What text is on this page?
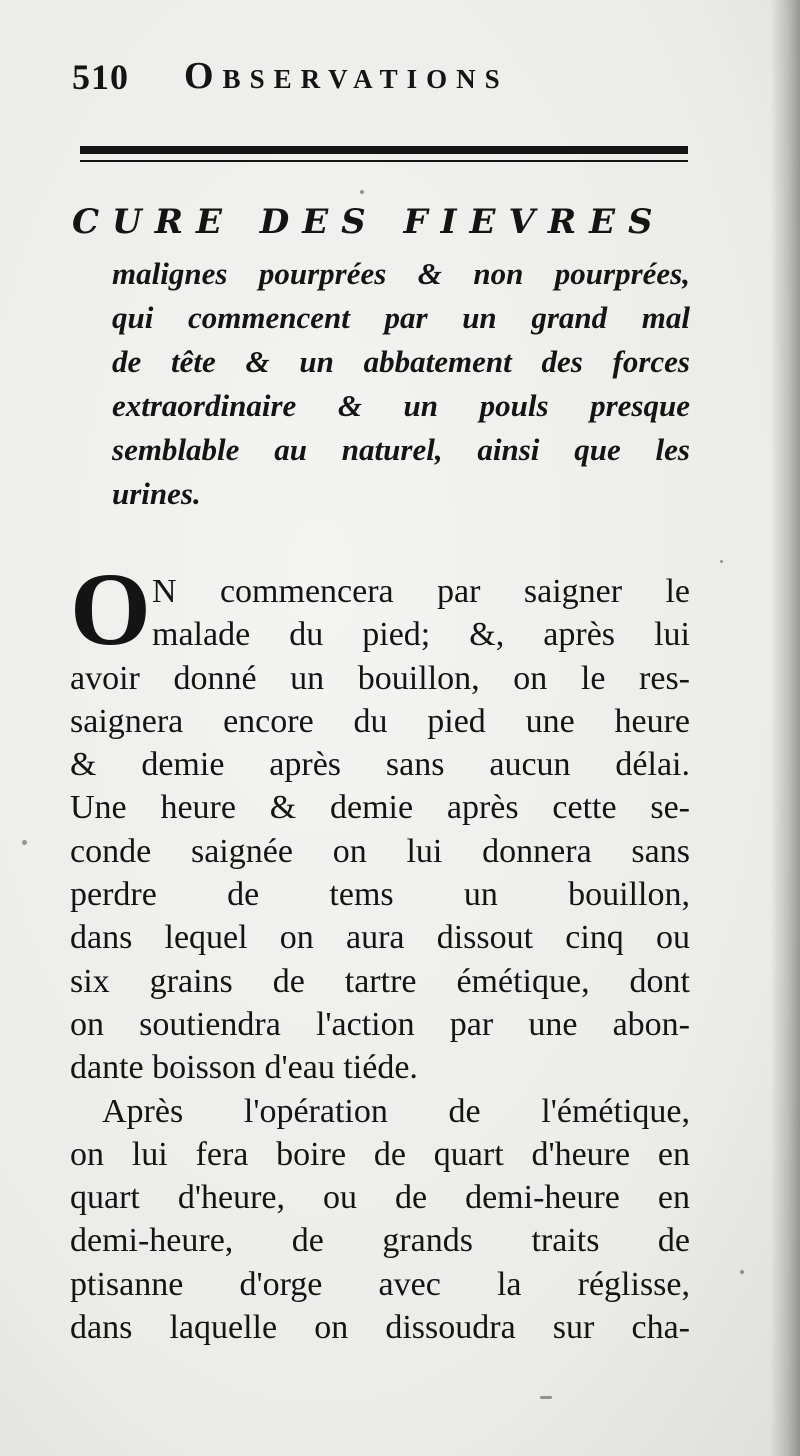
510 Observations
CURE DES FIEVRES
malignes pourprées & non pourprées,
qui commencent par un grand mal
de tête & un abbatement des forces
extraordinaire & un pouls presque
semblable au naturel, ainsi que les
urines.
O N commencera par saigner le
malade du pied; &, après lui
avoir donné un bouillon, on le res-
saignera encore du pied une heure
& demie après sans aucun délai.
Une heure & demie après cette se-
conde saignée on lui donnera sans
perdre de tems un bouillon,
dans lequel on aura dissout cinq ou
six grains de tartre émétique, dont
on soutiendra l'action par une abon-
dante boisson d'eau tiéde.
Après l'opération de l'émétique,
on lui fera boire de quart d'heure en
quart d'heure, ou de demi-heure en
demi-heure, de grands traits de
ptisanne d'orge avec la réglisse,
dans laquelle on dissoudra sur cha-
